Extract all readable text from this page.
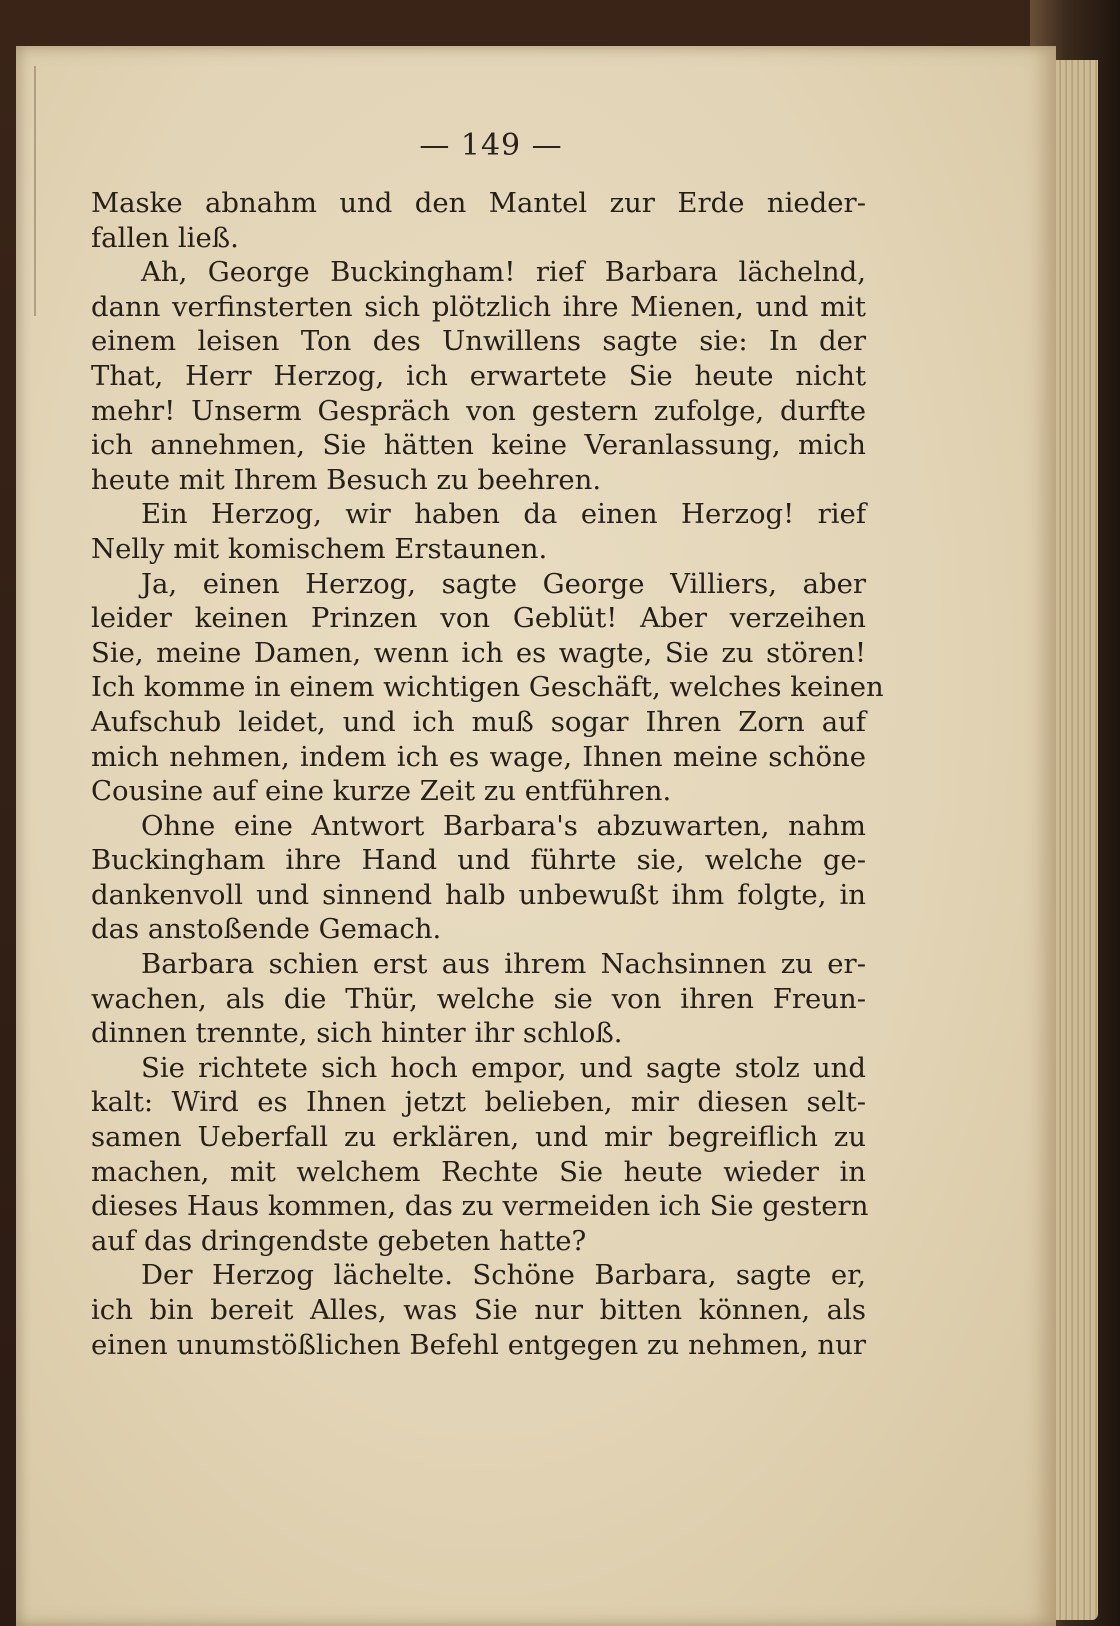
— 149 —
Maske abnahm und den Mantel zur Erde nieder-
fallen ließ.
Ah, George Buckingham! rief Barbara lächelnd,
dann verfinsterten sich plötzlich ihre Mienen, und mit
einem leisen Ton des Unwillens sagte sie: In der
That, Herr Herzog, ich erwartete Sie heute nicht
mehr! Unserm Gespräch von gestern zufolge, durfte
ich annehmen, Sie hätten keine Veranlassung, mich
heute mit Ihrem Besuch zu beehren.
Ein Herzog, wir haben da einen Herzog! rief
Nelly mit komischem Erstaunen.
Ja, einen Herzog, sagte George Villiers, aber
leider keinen Prinzen von Geblüt! Aber verzeihen
Sie, meine Damen, wenn ich es wagte, Sie zu stören!
Ich komme in einem wichtigen Geschäft, welches keinen
Aufschub leidet, und ich muß sogar Ihren Zorn auf
mich nehmen, indem ich es wage, Ihnen meine schöne
Cousine auf eine kurze Zeit zu entführen.
Ohne eine Antwort Barbara's abzuwarten, nahm
Buckingham ihre Hand und führte sie, welche ge-
dankenvoll und sinnend halb unbewußt ihm folgte, in
das anstoßende Gemach.
Barbara schien erst aus ihrem Nachsinnen zu er-
wachen, als die Thür, welche sie von ihren Freun-
dinnen trennte, sich hinter ihr schloß.
Sie richtete sich hoch empor, und sagte stolz und
kalt: Wird es Ihnen jetzt belieben, mir diesen selt-
samen Ueberfall zu erklären, und mir begreiflich zu
machen, mit welchem Rechte Sie heute wieder in
dieses Haus kommen, das zu vermeiden ich Sie gestern
auf das dringendste gebeten hatte?
Der Herzog lächelte. Schöne Barbara, sagte er,
ich bin bereit Alles, was Sie nur bitten können, als
einen unumstößlichen Befehl entgegen zu nehmen, nur
